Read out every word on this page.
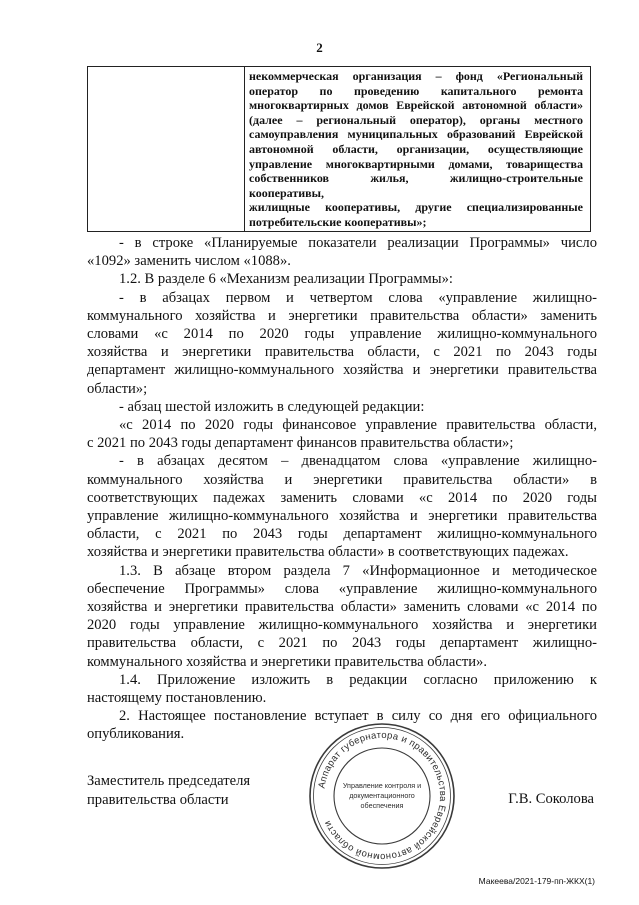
2
некоммерческая организация – фонд «Региональный
оператор по проведению капитального ремонта
многоквартирных домов Еврейской автономной области»
(далее – региональный оператор), органы местного
самоуправления муниципальных образований Еврейской
автономной области, организации, осуществляющие
управление многоквартирными домами, товарищества
собственников жилья, жилищно-строительные кооперативы,
жилищные кооперативы, другие специализированные
потребительские кооперативы»;
- в строке «Планируемые показатели реализации Программы» число
«1092» заменить числом «1088».
1.2. В разделе 6 «Механизм реализации Программы»:
- в абзацах первом и четвертом слова «управление жилищно-
коммунального хозяйства и энергетики правительства области» заменить
словами «с 2014 по 2020 годы управление жилищно-коммунального
хозяйства и энергетики правительства области, с 2021 по 2043 годы
департамент жилищно-коммунального хозяйства и энергетики правительства
области»;
- абзац шестой изложить в следующей редакции:
«с 2014 по 2020 годы финансовое управление правительства области,
с 2021 по 2043 годы департамент финансов правительства области»;
- в абзацах десятом – двенадцатом слова «управление жилищно-
коммунального хозяйства и энергетики правительства области» в
соответствующих падежах заменить словами «с 2014 по 2020 годы
управление жилищно-коммунального хозяйства и энергетики правительства
области, с 2021 по 2043 годы департамент жилищно-коммунального
хозяйства и энергетики правительства области» в соответствующих падежах.
1.3. В абзаце втором раздела 7 «Информационное и методическое
обеспечение Программы» слова «управление жилищно-коммунального
хозяйства и энергетики правительства области» заменить словами «с 2014 по
2020 годы управление жилищно-коммунального хозяйства и энергетики
правительства области, с 2021 по 2043 годы департамент жилищно-
коммунального хозяйства и энергетики правительства области».
1.4. Приложение изложить в редакции согласно приложению к
настоящему постановлению.
2. Настоящее постановление вступает в силу со дня его официального
опубликования.
Заместитель председателя
правительства области	Г.В. Соколова
Аппарат губернатора и правительства Еврейской автономной области
Управление контроля и
документационного
обеспечения
Макеева/2021-179-пп-ЖКХ(1)
